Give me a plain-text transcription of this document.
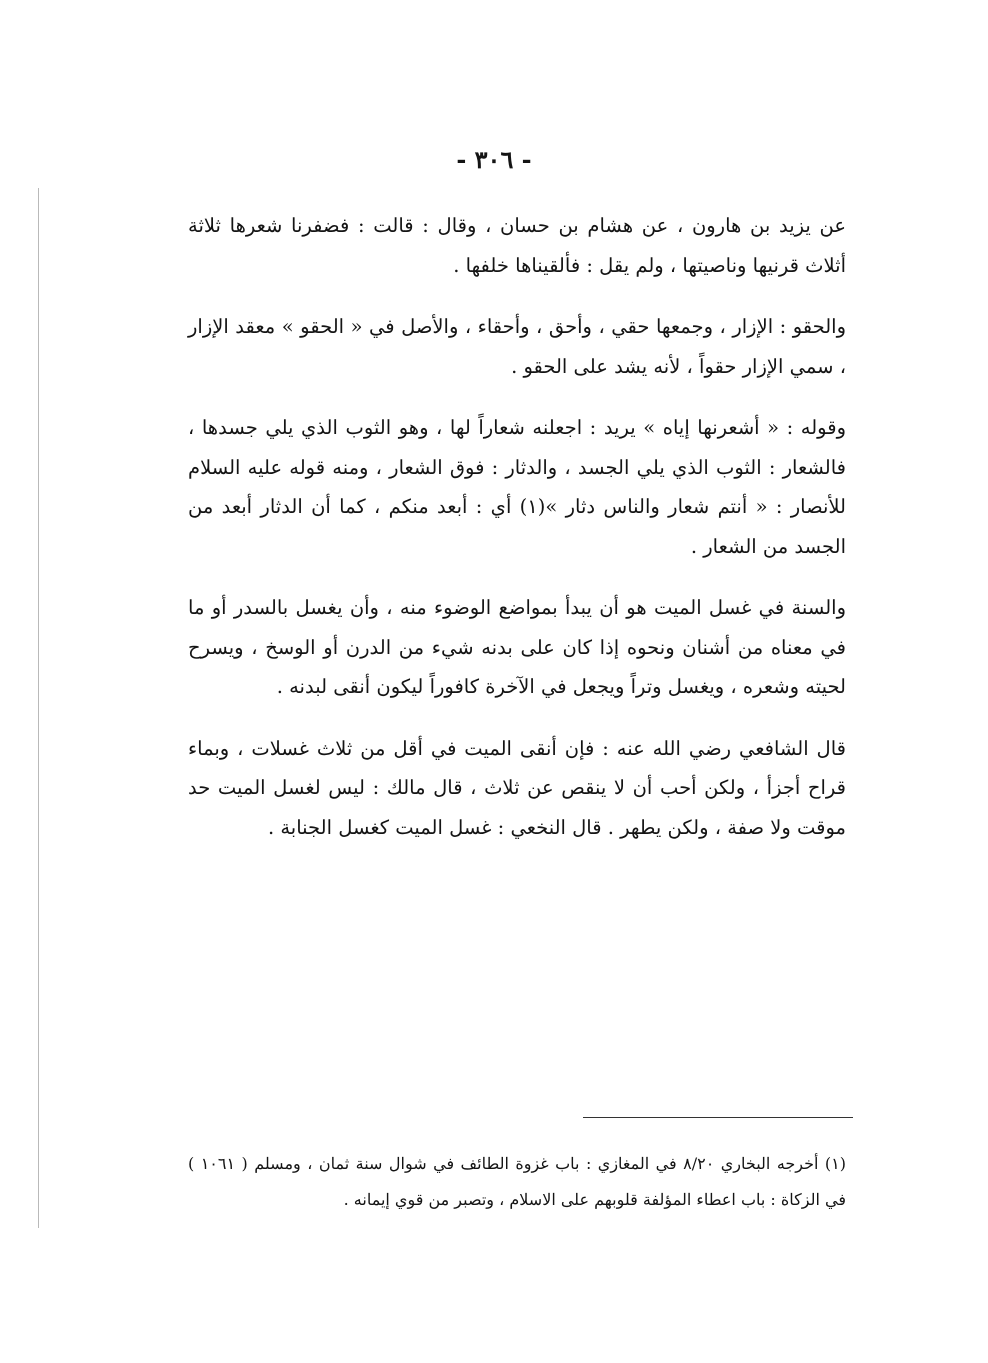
- ٣٠٦ -

عن يزيد بن هارون ، عن هشام بن حسان ، وقال : قالت : فضفرنا شعرها ثلاثة أثلاث قرنيها وناصيتها ، ولم يقل : فألقيناها خلفها .

والحقو : الإزار ، وجمعها حقي ، وأحق ، وأحقاء ، والأصل في « الحقو » معقد الإزار ، سمي الإزار حقواً ، لأنه يشد على الحقو .

وقوله : « أشعرنها إياه » يريد : اجعلنه شعاراً لها ، وهو الثوب الذي يلي جسدها ، فالشعار : الثوب الذي يلي الجسد ، والدثار : فوق الشعار ، ومنه قوله عليه السلام للأنصار : « أنتم شعار والناس دثار »(١) أي : أبعد منكم ، كما أن الدثار أبعد من الجسد من الشعار .

والسنة في غسل الميت هو أن يبدأ بمواضع الوضوء منه ، وأن يغسل بالسدر أو ما في معناه من أشنان ونحوه إذا كان على بدنه شيء من الدرن أو الوسخ ، ويسرح لحيته وشعره ، ويغسل وتراً ويجعل في الآخرة كافوراً ليكون أنقى لبدنه .

قال الشافعي رضي الله عنه : فإن أنقى الميت في أقل من ثلاث غسلات ، وبماء قراح أجزأ ، ولكن أحب أن لا ينقص عن ثلاث ، قال مالك : ليس لغسل الميت حد موقت ولا صفة ، ولكن يطهر . قال النخعي : غسل الميت كغسل الجنابة .

(١) أخرجه البخاري ٨/٢٠ في المغازي : باب غزوة الطائف في شوال سنة ثمان ، ومسلم ( ١٠٦١ ) في الزكاة : باب اعطاء المؤلفة قلوبهم على الاسلام ، وتصبر من قوي إيمانه .
